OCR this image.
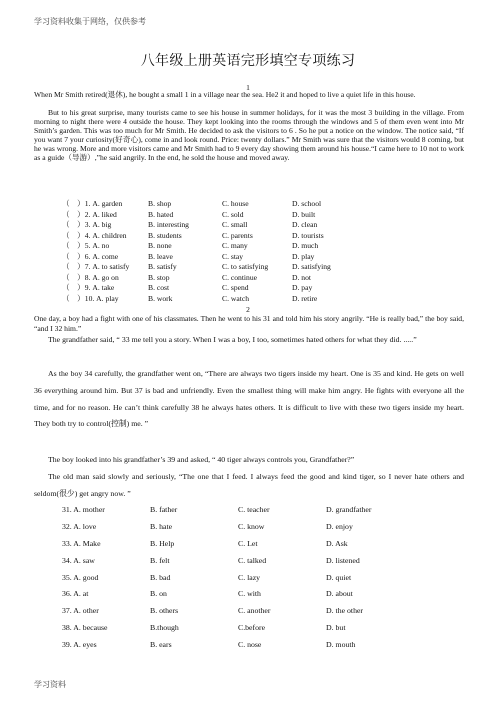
学习资料收集于网络，仅供参考
八年级上册英语完形填空专项练习
1
When Mr Smith retired(退休), he bought a small 1 in a village near the sea. He2 it and hoped to live a quiet life in this house.
But to his great surprise, many tourists came to see his house in summer holidays, for it was the most 3 building in the village. From morning to night there were 4 outside the house. They kept looking into the rooms through the windows and 5 of them even went into Mr Smith’s garden. This was too much for Mr Smith. He decided to ask the visitors to 6 . So he put a notice on the window. The notice said, “If you want 7 your curiosity(好奇心), come in and look round. Price: twenty dollars.” Mr Smith was sure that the visitors would 8 coming, but he was wrong. More and more visitors came and Mr Smith had to 9 every day showing them around his house.“I came here to 10 not to work as a guide（导游）,”he said angrily. In the end, he sold the house and moved away.
（　）1. A. garden	B. shop	C. house	D. school
（　）2. A. liked	B. hated	C. sold	D. built
（　）3. A. big	B. interesting	C. small	D. clean
（　）4. A. children	B. students	C. parents	D. tourists
（　）5. A. no	B. none	C. many	D. much
（　）6. A. come	B. leave	C. stay	D. play
（　）7. A. to satisfy B. satisfy	C. to satisfying	D. satisfying
（　）8. A. go on	B. stop	C. continue	D. not
（　）9. A. take	B. cost	C. spend	D. pay
（　）10. A. play	B. work	C. watch	D. retire
2
One day, a boy had a fight with one of his classmates. Then he went to his 31 and told him his story angrily. “He is really bad,” the boy said, “and I 32 him.”
The grandfather said, “ 33 me tell you a story. When I was a boy, I too, sometimes hated others for what they did. .....”
As the boy 34 carefully, the grandfather went on, “There are always two tigers inside my heart. One is 35 and kind. He gets on well 36 everything around him. But 37 is bad and unfriendly. Even the smallest thing will make him angry. He fights with everyone all the time, and for no reason. He can’t think carefully 38 he always hates others. It is difficult to live with these two tigers inside my heart. They both try to control(控制) me. ”
The boy looked into his grandfather’s 39 and asked, “ 40 tiger always controls you, Grandfather?”
The old man said slowly and seriously, “The one that I feed. I always feed the good and kind tiger, so I never hate others and seldom(很少) get angry now. ”
31. A. mother	B. father	C. teacher	D. grandfather
32. A. love	B. hate	C. know	D. enjoy
33. A. Make	B. Help	C. Let	D. Ask
34. A. saw	B. felt	C. talked	D. listened
35. A. good	B. bad	C. lazy	D. quiet
36. A. at	B. on	C. with	D. about
37. A. other	B. others	C. another	D. the other
38. A. because	B.though	C.before	D. but
39. A. eyes	B. ears	C. nose	D. mouth
学习资料
